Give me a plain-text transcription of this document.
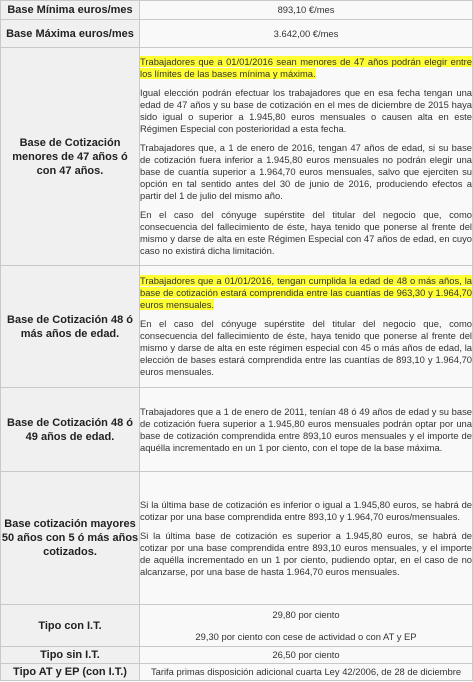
Base Mínima euros/mes	893,10 €/mes
Base Máxima euros/mes	3.642,00 €/mes
Base de Cotización menores de 47 años ó con 47 años.	Trabajadores que a 01/01/2016 sean menores de 47 años podrán elegir entre los límites de las bases mínima y máxima.

Igual elección podrán efectuar los trabajadores que en esa fecha tengan una edad de 47 años y su base de cotización en el mes de diciembre de 2015 haya sido igual o superior a 1.945,80 euros mensuales o causen alta en este Régimen Especial con posterioridad a esta fecha.

Trabajadores que, a 1 de enero de 2016, tengan 47 años de edad, si su base de cotización fuera inferior a 1.945,80 euros mensuales no podrán elegir una base de cuantía superior a 1.964,70 euros mensuales, salvo que ejerciten su opción en tal sentido antes del 30 de junio de 2016, produciendo efectos a partir del 1 de julio del mismo año.

En el caso del cónyuge supérstite del titular del negocio que, como consecuencia del fallecimiento de éste, haya tenido que ponerse al frente del mismo y darse de alta en este Régimen Especial con 47 años de edad, en cuyo caso no existirá dicha limitación.

Base de Cotización 48 ó más años de edad.	Trabajadores que a 01/01/2016, tengan cumplida la edad de 48 o más años, la base de cotización estará comprendida entre las cuantías de 963,30 y 1.964,70 euros mensuales.

En el caso del cónyuge supérstite del titular del negocio que, como consecuencia del fallecimiento de éste, haya tenido que ponerse al frente del mismo y darse de alta en este régimen especial con 45 o más años de edad, la elección de bases estará comprendida entre las cuantías de 893,10 y 1.964,70 euros mensuales.

Base de Cotización 48 ó 49 años de edad.	Trabajadores que a 1 de enero de 2011, tenían 48 ó 49 años de edad y su base de cotización fuera superior a 1.945,80 euros mensuales podrán optar por una base de cotización comprendida entre 893,10 euros mensuales y el importe de aquélla incrementado en un 1 por ciento, con el tope de la base máxima.

Base cotización mayores 50 años con 5 ó más años cotizados.	Si la última base de cotización es inferior o igual a 1.945,80 euros, se habrá de cotizar por una base comprendida entre 893,10 y 1.964,70 euros/mensuales.

Si la última base de cotización es superior a 1.945,80 euros, se habrá de cotizar por una base comprendida entre 893,10 euros mensuales, y el importe de aquélla incrementado en un 1 por ciento, pudiendo optar, en el caso de no alcanzarse, por una base de hasta 1.964,70 euros mensuales.

Tipo con I.T.	29,80 por ciento
29,30 por ciento con cese de actividad o con AT y EP

Tipo sin I.T.	26,50 por ciento
Tipo AT y EP (con I.T.)	Tarifa primas disposición adicional cuarta Ley 42/2006, de 28 de diciembre
